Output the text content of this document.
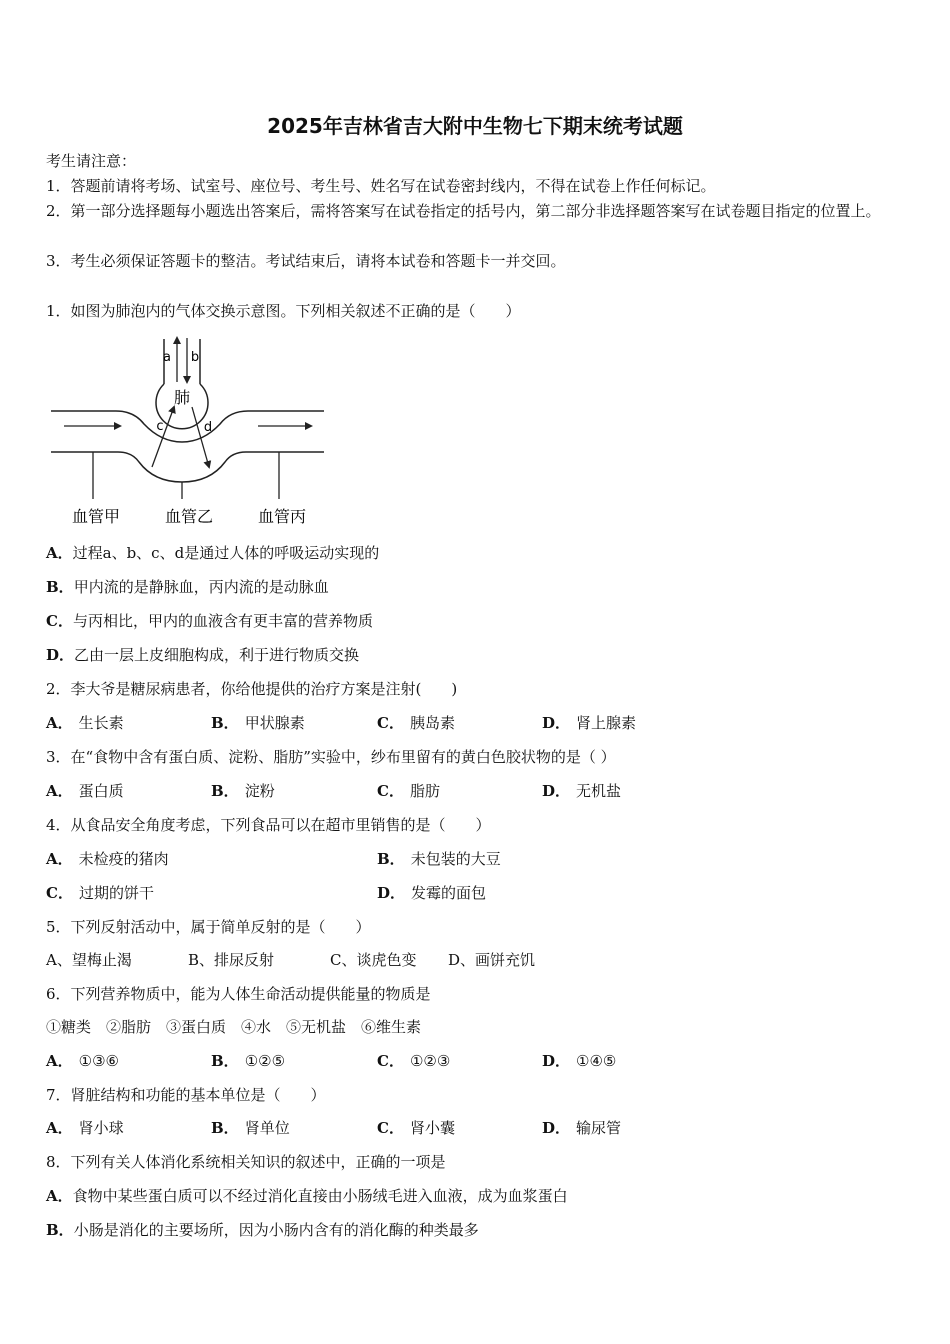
2025年吉林省吉大附中生物七下期末统考试题
考生请注意：
1．答题前请将考场、试室号、座位号、考生号、姓名写在试卷密封线内，不得在试卷上作任何标记。
2．第一部分选择题每小题选出答案后，需将答案写在试卷指定的括号内，第二部分非选择题答案写在试卷题目指定的位置上。
3．考生必须保证答题卡的整洁。考试结束后，请将本试卷和答题卡一并交回。
1．如图为肺泡内的气体交换示意图。下列相关叙述不正确的是（　　）
肺
a b
c	d
血管甲	血管乙	血管丙
A．过程a、b、c、d是通过人体的呼吸运动实现的
B．甲内流的是静脉血，丙内流的是动脉血
C．与丙相比，甲内的血液含有更丰富的营养物质
D．乙由一层上皮细胞构成，利于进行物质交换
2．李大爷是糖尿病患者，你给他提供的治疗方案是注射(　　)
A． 生长素	B． 甲状腺素	C． 胰岛素	D． 肾上腺素
3．在“食物中含有蛋白质、淀粉、脂肪”实验中，纱布里留有的黄白色胶状物的是（ ）
A． 蛋白质	B． 淀粉	C． 脂肪	D． 无机盐
4．从食品安全角度考虑，下列食品可以在超市里销售的是（　　）
A． 未检疫的猪肉	B． 未包装的大豆
C． 过期的饼干	D． 发霉的面包
5．下列反射活动中，属于简单反射的是（　　）
A、望梅止渴	B、排尿反射	C、谈虎色变 D、画饼充饥
6．下列营养物质中，能为人体生命活动提供能量的物质是
①糖类　②脂肪　③蛋白质　④水　⑤无机盐　⑥维生素
A． ①③⑥	B． ①②⑤	C． ①②③	D． ①④⑤
7．肾脏结构和功能的基本单位是（　　）
A． 肾小球	B． 肾单位	C． 肾小囊	D． 输尿管
8．下列有关人体消化系统相关知识的叙述中，正确的一项是
A．食物中某些蛋白质可以不经过消化直接由小肠绒毛进入血液，成为血浆蛋白
B．小肠是消化的主要场所，因为小肠内含有的消化酶的种类最多
